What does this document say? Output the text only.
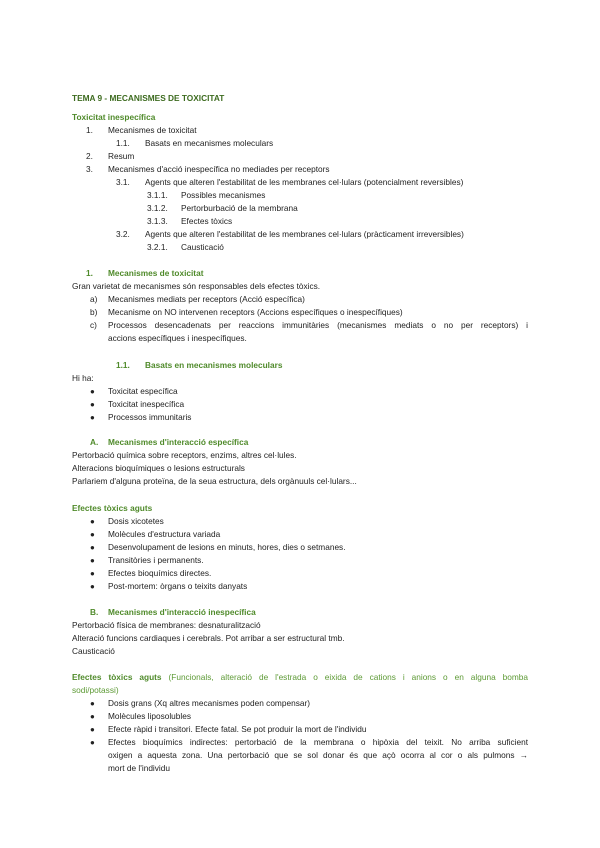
TEMA 9 - MECANISMES DE TOXICITAT
Toxicitat inespecífica
1. Mecanismes de toxicitat
1.1. Basats en mecanismes moleculars
2. Resum
3. Mecanismes d'acció inespecífica no mediades per receptors
3.1. Agents que alteren l'estabilitat de les membranes cel·lulars (potencialment reversibles)
3.1.1. Possibles mecanismes
3.1.2. Pertorburbació de la membrana
3.1.3. Efectes tòxics
3.2. Agents que alteren l'estabilitat de les membranes cel·lulars (pràcticament irreversibles)
3.2.1. Causticació
1. Mecanismes de toxicitat
Gran varietat de mecanismes són responsables dels efectes tòxics.
a) Mecanismes mediats per receptors (Acció específica)
b) Mecanisme on NO intervenen receptors (Accions específiques o inespecífiques)
c) Processos desencadenats per reaccions immunitàries (mecanismes mediats o no per receptors) i
accions específiques i inespecífiques.
1.1. Basats en mecanismes moleculars
Hi ha:
● Toxicitat específica
● Toxicitat inespecífica
● Processos immunitaris
A. Mecanismes d'interacció específica
Pertorbació química sobre receptors, enzims, altres cel·lules.
Alteracions bioquímiques o lesions estructurals
Parlariem d'alguna proteïna, de la seua estructura, dels orgànuuls cel·lulars...
Efectes tòxics aguts
● Dosis xicotetes
● Molècules d'estructura variada
● Desenvolupament de lesions en minuts, hores, dies o setmanes.
● Transitòries i permanents.
● Efectes bioquímics directes.
● Post-mortem: òrgans o teixits danyats
B. Mecanismes d'interacció inespecífica
Pertorbació física de membranes: desnaturalització
Alteració funcions cardiaques i cerebrals. Pot arribar a ser estructural tmb.
Causticació
Efectes tòxics aguts (Funcionals, alteració de l'estrada o eixida de cations i anions o en alguna bomba
sodi/potassi)
● Dosis grans (Xq altres mecanismes poden compensar)
● Molècules liposolubles
● Efecte ràpid i transitori. Efecte fatal. Se pot produir la mort de l'individu
● Efectes bioquímics indirectes: pertorbació de la membrana o hipòxia del teixit. No arriba suficient
oxigen a aquesta zona. Una pertorbació que se sol donar és que açò ocorra al cor o als pulmons →
mort de l'individu
